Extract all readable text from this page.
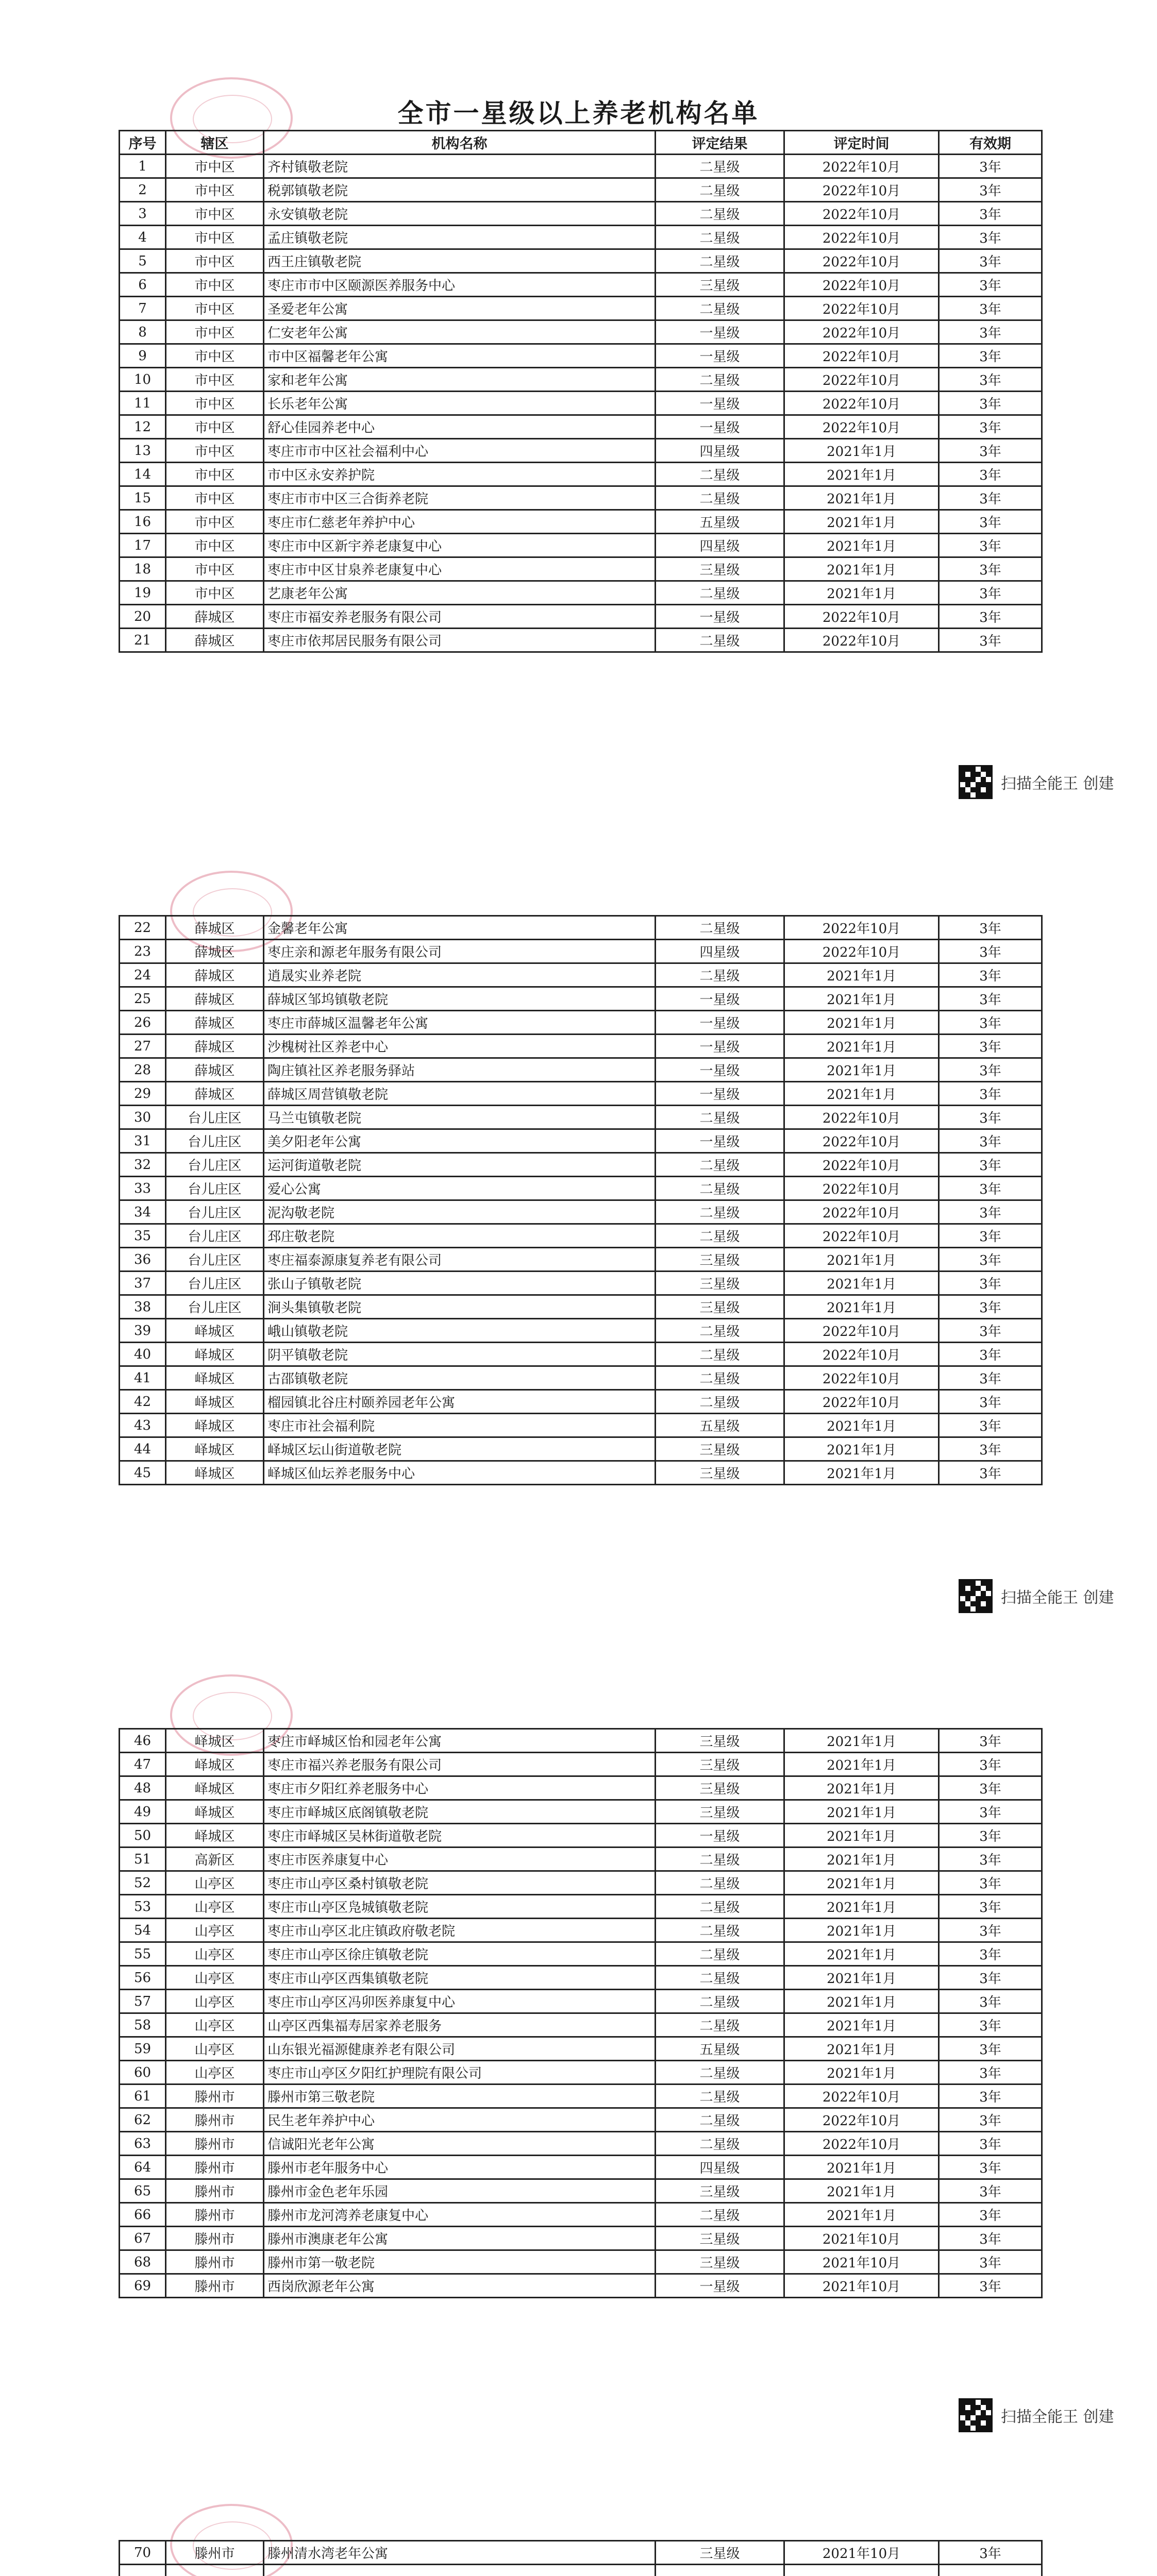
全市一星级以上养老机构名单
序号	辖区	机构名称	评定结果	评定时间	有效期
1	市中区	齐村镇敬老院	二星级	2022年10月	3年
2	市中区	税郭镇敬老院	二星级	2022年10月	3年
3	市中区	永安镇敬老院	二星级	2022年10月	3年
4	市中区	孟庄镇敬老院	二星级	2022年10月	3年
5	市中区	西王庄镇敬老院	二星级	2022年10月	3年
6	市中区	枣庄市市中区颐源医养服务中心	三星级	2022年10月	3年
7	市中区	圣爱老年公寓	二星级	2022年10月	3年
8	市中区	仁安老年公寓	一星级	2022年10月	3年
9	市中区	市中区福馨老年公寓	一星级	2022年10月	3年
10	市中区	家和老年公寓	二星级	2022年10月	3年
11	市中区	长乐老年公寓	一星级	2022年10月	3年
12	市中区	舒心佳园养老中心	一星级	2022年10月	3年
13	市中区	枣庄市市中区社会福利中心	四星级	2021年1月	3年
14	市中区	市中区永安养护院	二星级	2021年1月	3年
15	市中区	枣庄市市中区三合街养老院	二星级	2021年1月	3年
16	市中区	枣庄市仁慈老年养护中心	五星级	2021年1月	3年
17	市中区	枣庄市中区新宇养老康复中心	四星级	2021年1月	3年
18	市中区	枣庄市中区甘泉养老康复中心	三星级	2021年1月	3年
19	市中区	艺康老年公寓	二星级	2021年1月	3年
20	薛城区	枣庄市福安养老服务有限公司	一星级	2022年10月	3年
21	薛城区	枣庄市依邦居民服务有限公司	二星级	2022年10月	3年
扫描全能王 创建
22	薛城区	金馨老年公寓	二星级	2022年10月	3年
23	薛城区	枣庄亲和源老年服务有限公司	四星级	2022年10月	3年
24	薛城区	逍晟实业养老院	二星级	2021年1月	3年
25	薛城区	薛城区邹坞镇敬老院	一星级	2021年1月	3年
26	薛城区	枣庄市薛城区温馨老年公寓	一星级	2021年1月	3年
27	薛城区	沙槐树社区养老中心	一星级	2021年1月	3年
28	薛城区	陶庄镇社区养老服务驿站	一星级	2021年1月	3年
29	薛城区	薛城区周营镇敬老院	一星级	2021年1月	3年
30	台儿庄区	马兰屯镇敬老院	二星级	2022年10月	3年
31	台儿庄区	美夕阳老年公寓	一星级	2022年10月	3年
32	台儿庄区	运河街道敬老院	二星级	2022年10月	3年
33	台儿庄区	爱心公寓	二星级	2022年10月	3年
34	台儿庄区	泥沟敬老院	二星级	2022年10月	3年
35	台儿庄区	邳庄敬老院	二星级	2022年10月	3年
36	台儿庄区	枣庄福泰源康复养老有限公司	三星级	2021年1月	3年
37	台儿庄区	张山子镇敬老院	三星级	2021年1月	3年
38	台儿庄区	涧头集镇敬老院	三星级	2021年1月	3年
39	峄城区	峨山镇敬老院	二星级	2022年10月	3年
40	峄城区	阴平镇敬老院	二星级	2022年10月	3年
41	峄城区	古邵镇敬老院	二星级	2022年10月	3年
42	峄城区	榴园镇北谷庄村颐养园老年公寓	二星级	2022年10月	3年
43	峄城区	枣庄市社会福利院	五星级	2021年1月	3年
44	峄城区	峄城区坛山街道敬老院	三星级	2021年1月	3年
45	峄城区	峄城区仙坛养老服务中心	三星级	2021年1月	3年
扫描全能王 创建
46	峄城区	枣庄市峄城区怡和园老年公寓	三星级	2021年1月	3年
47	峄城区	枣庄市福兴养老服务有限公司	三星级	2021年1月	3年
48	峄城区	枣庄市夕阳红养老服务中心	三星级	2021年1月	3年
49	峄城区	枣庄市峄城区底阁镇敬老院	三星级	2021年1月	3年
50	峄城区	枣庄市峄城区吴林街道敬老院	一星级	2021年1月	3年
51	高新区	枣庄市医养康复中心	二星级	2021年1月	3年
52	山亭区	枣庄市山亭区桑村镇敬老院	二星级	2021年1月	3年
53	山亭区	枣庄市山亭区凫城镇敬老院	二星级	2021年1月	3年
54	山亭区	枣庄市山亭区北庄镇政府敬老院	二星级	2021年1月	3年
55	山亭区	枣庄市山亭区徐庄镇敬老院	二星级	2021年1月	3年
56	山亭区	枣庄市山亭区西集镇敬老院	二星级	2021年1月	3年
57	山亭区	枣庄市山亭区冯卯医养康复中心	二星级	2021年1月	3年
58	山亭区	山亭区西集福寿居家养老服务	二星级	2021年1月	3年
59	山亭区	山东银光福源健康养老有限公司	五星级	2021年1月	3年
60	山亭区	枣庄市山亭区夕阳红护理院有限公司	二星级	2021年1月	3年
61	滕州市	滕州市第三敬老院	二星级	2022年10月	3年
62	滕州市	民生老年养护中心	二星级	2022年10月	3年
63	滕州市	信诚阳光老年公寓	二星级	2022年10月	3年
64	滕州市	滕州市老年服务中心	四星级	2021年1月	3年
65	滕州市	滕州市金色老年乐园	三星级	2021年1月	3年
66	滕州市	滕州市龙河湾养老康复中心	二星级	2021年1月	3年
67	滕州市	滕州市澳康老年公寓	三星级	2021年10月	3年
68	滕州市	滕州市第一敬老院	三星级	2021年10月	3年
69	滕州市	西岗欣源老年公寓	一星级	2021年10月	3年
扫描全能王 创建
70	滕州市	滕州清水湾老年公寓	三星级	2021年10月	3年
